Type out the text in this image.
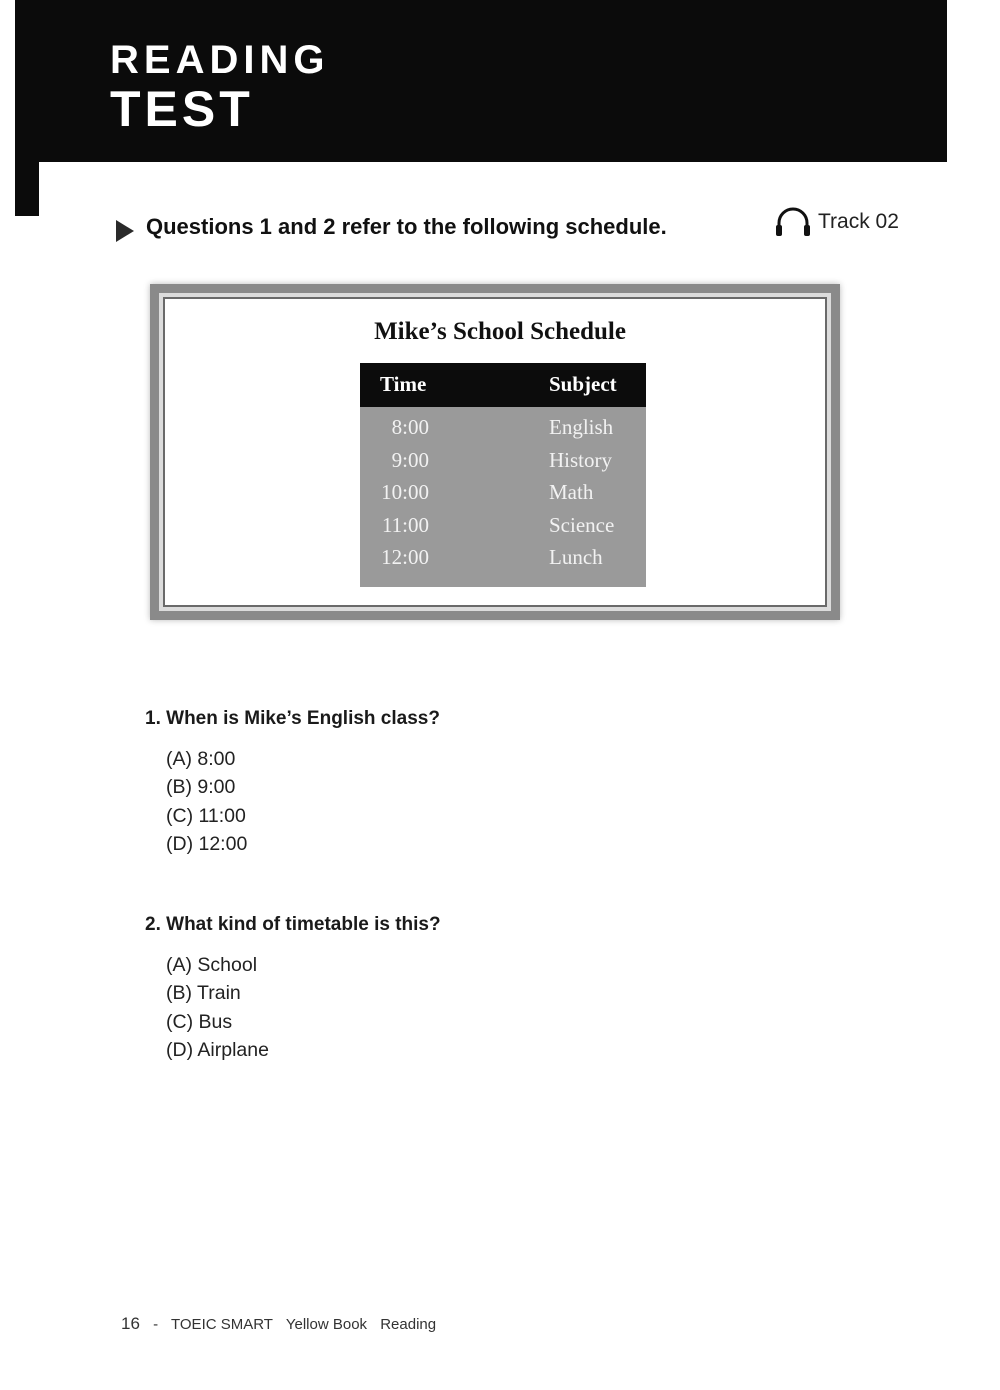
READING
TEST
Questions 1 and 2 refer to the following schedule.	Track 02
Mike’s School Schedule
Time	Subject
8:00	English
9:00	History
10:00	Math
11:00	Science
12:00	Lunch
1. When is Mike’s English class?
(A) 8:00
(B) 9:00
(C) 11:00
(D) 12:00
2. What kind of timetable is this?
(A) School
(B) Train
(C) Bus
(D) Airplane
16 - TOEIC SMART Yellow Book Reading
